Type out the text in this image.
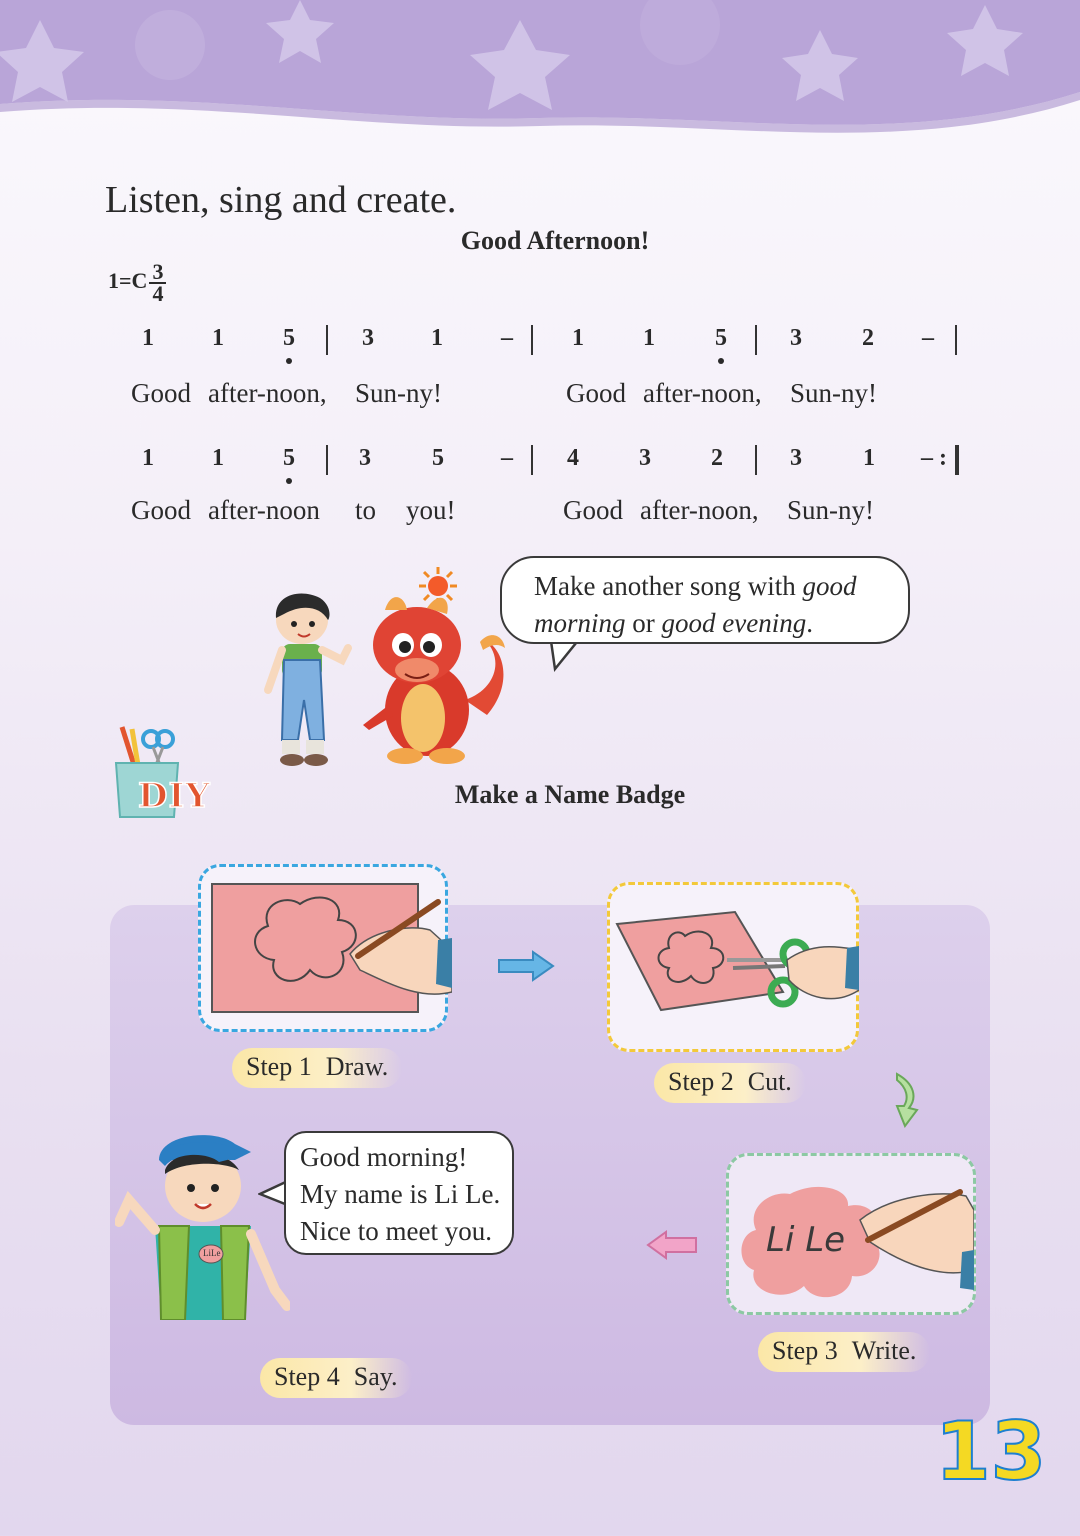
Listen, sing and create.
Good Afternoon!
$1=C \frac{3}{4}$
1 1 5	3 1 – 1 1	5	3	2 –
Good after-noon, Sun-ny!	Good after-noon, Sun-ny!
1 1 5	3	5 – 4	3	2	3	1 – :
Good after-noon to you!	Good after-noon, Sun-ny!
Make another song with good
morning or good evening.
DIY	Make a Name Badge
Step 1 Draw.
Step 2 Cut.
LiLe
Good morning!
My name is Li Le.
Nice to meet you.	Li Le
Step 3 Write.
Step 4 Say.
13
